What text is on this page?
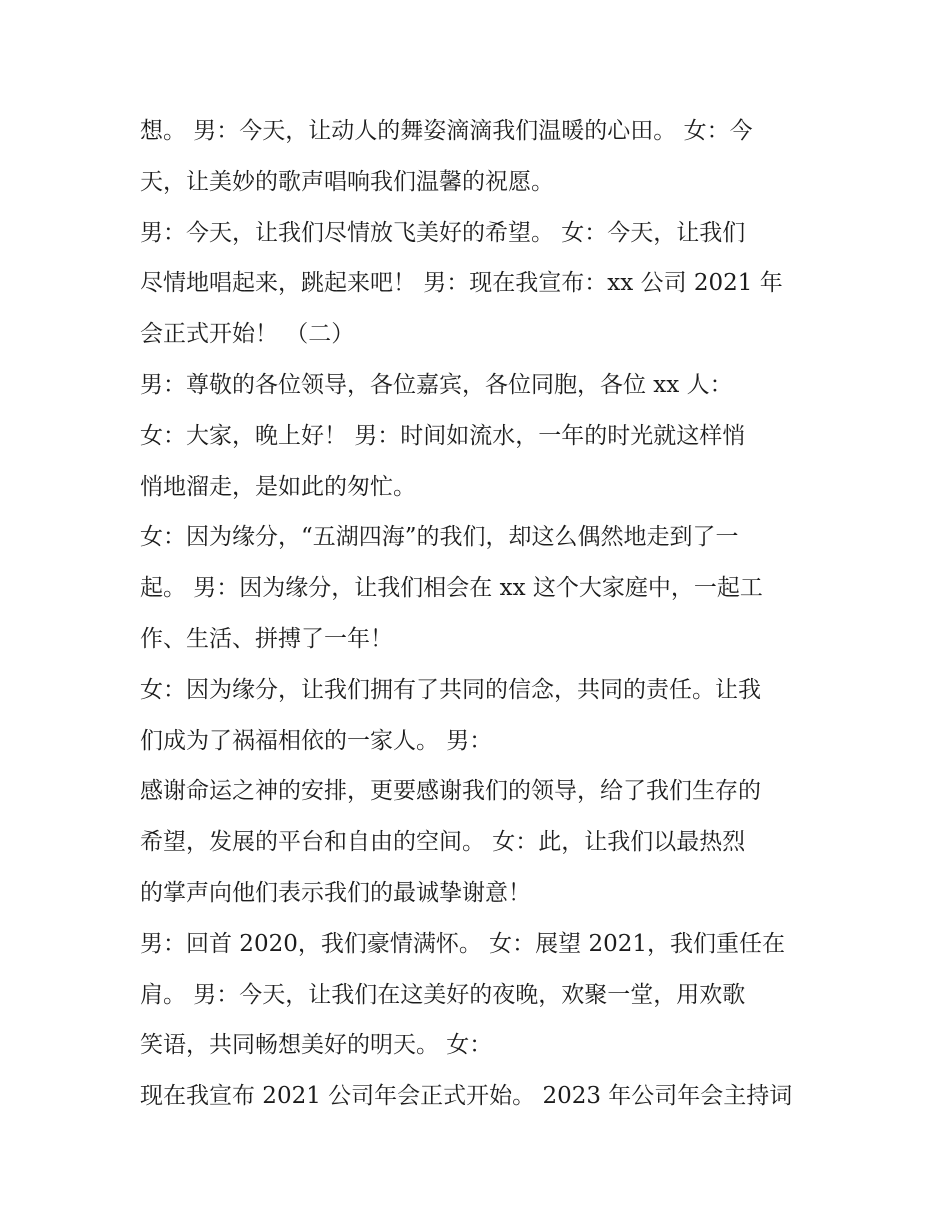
想。 男：今天，让动人的舞姿滴滴我们温暖的心田。 女：今
天，让美妙的歌声唱响我们温馨的祝愿。
男：今天，让我们尽情放飞美好的希望。 女：今天，让我们
尽情地唱起来，跳起来吧！ 男：现在我宣布：xx 公司 2021 年
会正式开始！ （二）
男：尊敬的各位领导，各位嘉宾，各位同胞，各位 xx 人：
女：大家，晚上好！ 男：时间如流水，一年的时光就这样悄
悄地溜走，是如此的匆忙。
女：因为缘分，“五湖四海”的我们，却这么偶然地走到了一
起。 男：因为缘分，让我们相会在 xx 这个大家庭中，一起工
作、生活、拼搏了一年！
女：因为缘分，让我们拥有了共同的信念，共同的责任。让我
们成为了祸福相依的一家人。 男：
感谢命运之神的安排，更要感谢我们的领导，给了我们生存的
希望，发展的平台和自由的空间。 女：此，让我们以最热烈
的掌声向他们表示我们的最诚挚谢意！
男：回首 2020，我们豪情满怀。 女：展望 2021，我们重任在
肩。 男：今天，让我们在这美好的夜晚，欢聚一堂，用欢歌
笑语，共同畅想美好的明天。 女：
现在我宣布 2021 公司年会正式开始。 2023 年公司年会主持词
